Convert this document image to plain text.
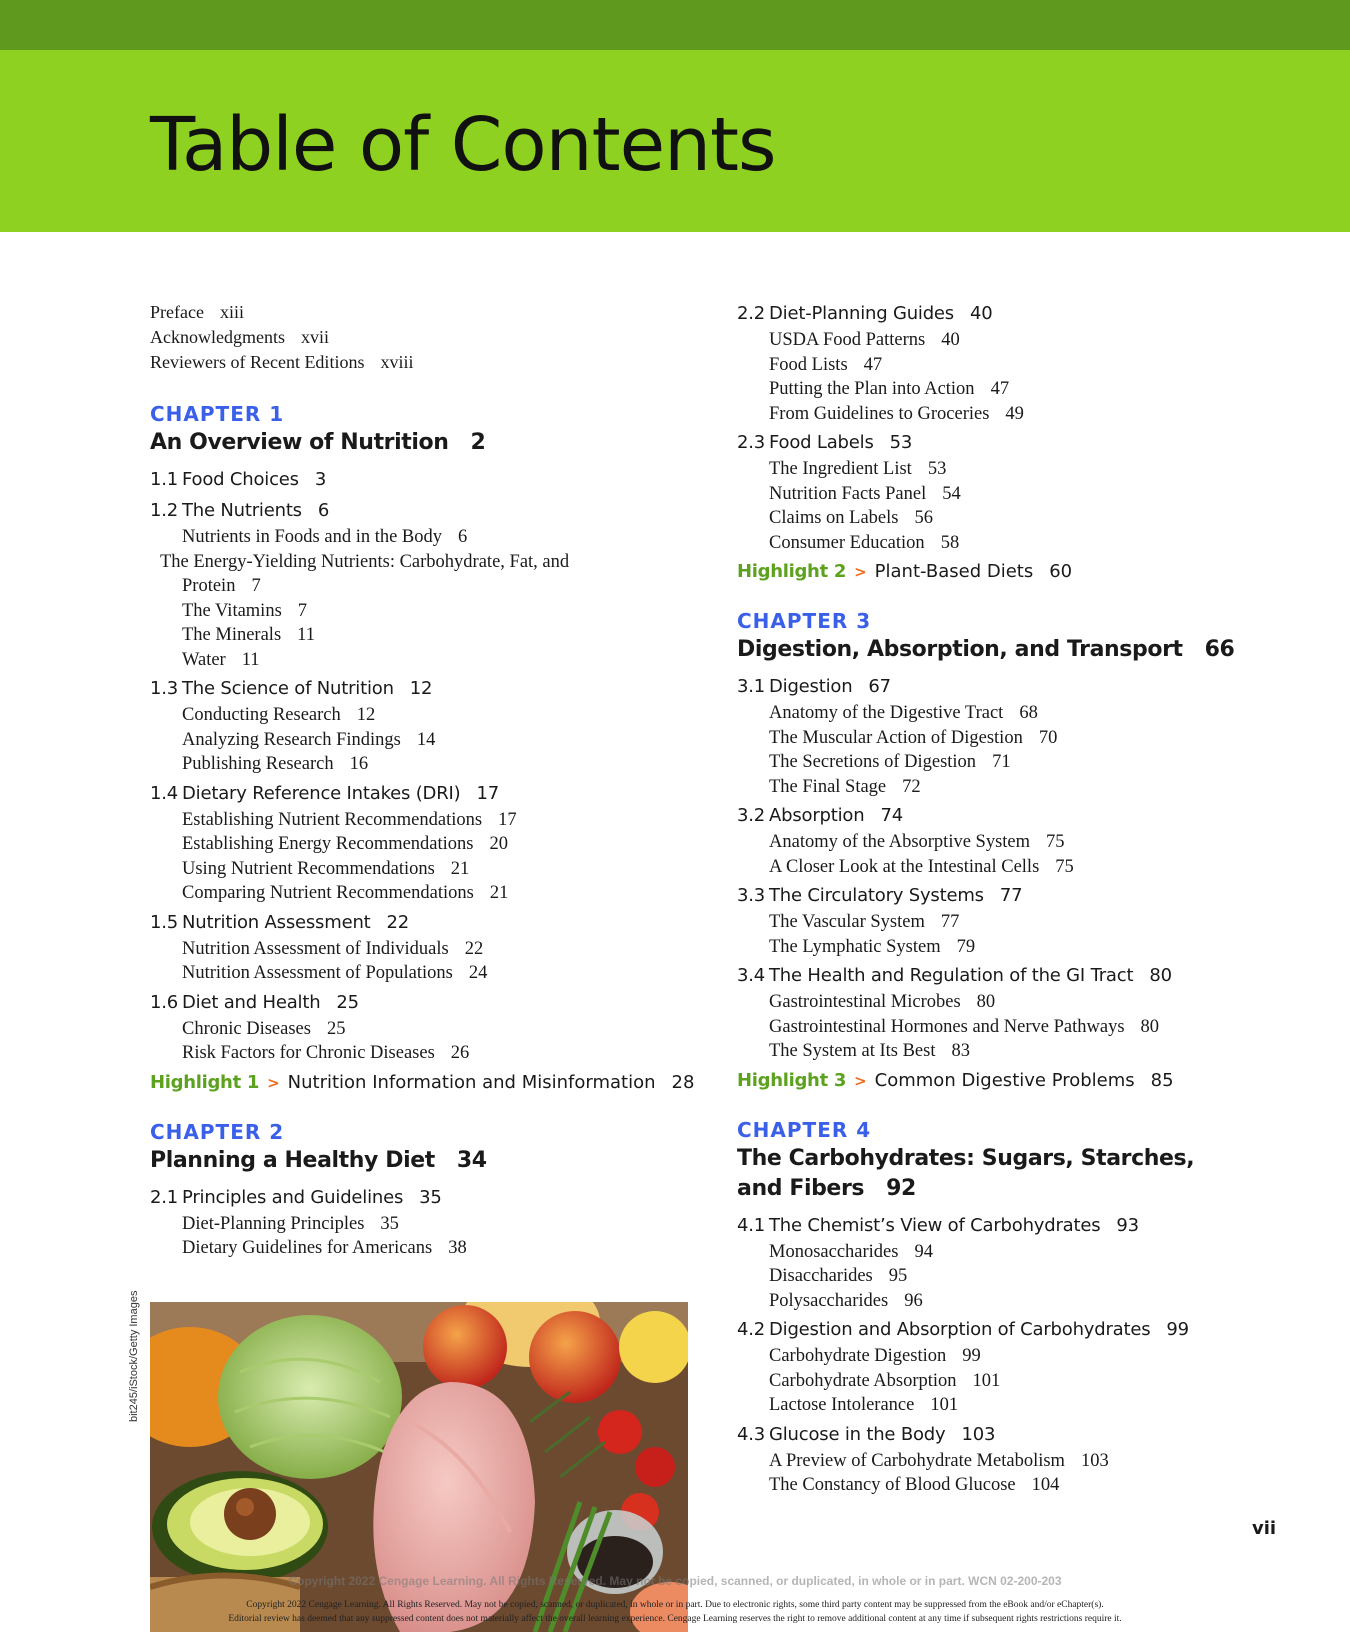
Table of Contents
Preface xiii
Acknowledgments xvii
Reviewers of Recent Editions xviii
CHAPTER 1
An Overview of Nutrition 2
1.1 Food Choices 3
1.2 The Nutrients 6
Nutrients in Foods and in the Body 6
The Energy-Yielding Nutrients: Carbohydrate, Fat, and Protein 7
The Vitamins 7
The Minerals 11
Water 11
1.3 The Science of Nutrition 12
Conducting Research 12
Analyzing Research Findings 14
Publishing Research 16
1.4 Dietary Reference Intakes (DRI) 17
Establishing Nutrient Recommendations 17
Establishing Energy Recommendations 20
Using Nutrient Recommendations 21
Comparing Nutrient Recommendations 21
1.5 Nutrition Assessment 22
Nutrition Assessment of Individuals 22
Nutrition Assessment of Populations 24
1.6 Diet and Health 25
Chronic Diseases 25
Risk Factors for Chronic Diseases 26
Highlight 1 > Nutrition Information and Misinformation 28
CHAPTER 2
Planning a Healthy Diet 34
2.1 Principles and Guidelines 35
Diet-Planning Principles 35
Dietary Guidelines for Americans 38
bit245/iStock/Getty Images
2.2 Diet-Planning Guides 40
USDA Food Patterns 40
Food Lists 47
Putting the Plan into Action 47
From Guidelines to Groceries 49
2.3 Food Labels 53
The Ingredient List 53
Nutrition Facts Panel 54
Claims on Labels 56
Consumer Education 58
Highlight 2 > Plant-Based Diets 60
CHAPTER 3
Digestion, Absorption, and Transport 66
3.1 Digestion 67
Anatomy of the Digestive Tract 68
The Muscular Action of Digestion 70
The Secretions of Digestion 71
The Final Stage 72
3.2 Absorption 74
Anatomy of the Absorptive System 75
A Closer Look at the Intestinal Cells 75
3.3 The Circulatory Systems 77
The Vascular System 77
The Lymphatic System 79
3.4 The Health and Regulation of the GI Tract 80
Gastrointestinal Microbes 80
Gastrointestinal Hormones and Nerve Pathways 80
The System at Its Best 83
Highlight 3 > Common Digestive Problems 85
CHAPTER 4
The Carbohydrates: Sugars, Starches,
and Fibers 92
4.1 The Chemist’s View of Carbohydrates 93
Monosaccharides 94
Disaccharides 95
Polysaccharides 96
4.2 Digestion and Absorption of Carbohydrates 99
Carbohydrate Digestion 99
Carbohydrate Absorption 101
Lactose Intolerance 101
4.3 Glucose in the Body 103
A Preview of Carbohydrate Metabolism 103
The Constancy of Blood Glucose 104
vii
Copyright 2022 Cengage Learning. All Rights Reserved. May not be copied, scanned, or duplicated, in whole or in part. WCN 02-200-203
Copyright 2022 Cengage Learning. All Rights Reserved. May not be copied, scanned, or duplicated, in whole or in part. Due to electronic rights, some third party content may be suppressed from the eBook and/or eChapter(s).
Editorial review has deemed that any suppressed content does not materially affect the overall learning experience. Cengage Learning reserves the right to remove additional content at any time if subsequent rights restrictions require it.
